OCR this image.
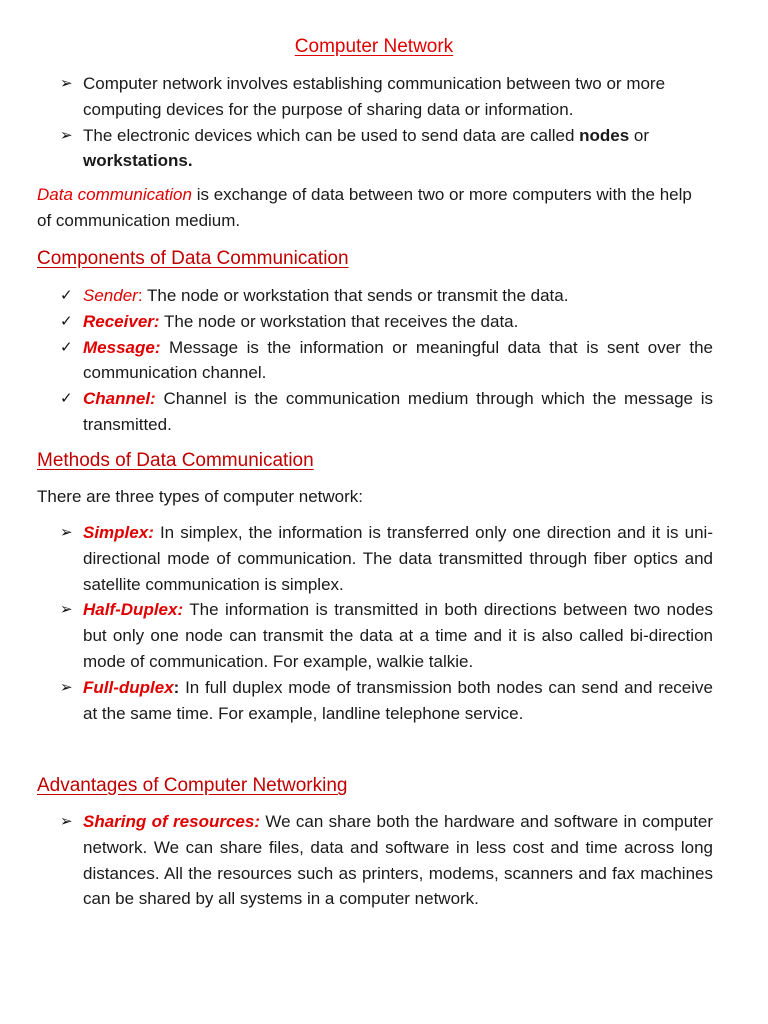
Computer Network
➢ Computer network involves establishing communication between two or more computing devices for the purpose of sharing data or information.
➢ The electronic devices which can be used to send data are called nodes or workstations.

Data communication is exchange of data between two or more computers with the help of communication medium.

Components of Data Communication
✓ Sender: The node or workstation that sends or transmit the data.
✓ Receiver: The node or workstation that receives the data.
✓ Message: Message is the information or meaningful data that is sent over the communication channel.
✓ Channel: Channel is the communication medium through which the message is transmitted.
Methods of Data Communication

There are three types of computer network:

➢ Simplex: In simplex, the information is transferred only one direction and it is uni-directional mode of communication. The data transmitted through fiber optics and satellite communication is simplex.
➢ Half-Duplex: The information is transmitted in both directions between two nodes but only one node can transmit the data at a time and it is also called bi-direction mode of communication. For example, walkie talkie.
➢ Full-duplex: In full duplex mode of transmission both nodes can send and receive at the same time. For example, landline telephone service.
Advantages of Computer Networking
➢ Sharing of resources: We can share both the hardware and software in computer network. We can share files, data and software in less cost and time across long distances. All the resources such as printers, modems, scanners and fax machines can be shared by all systems in a computer network.
